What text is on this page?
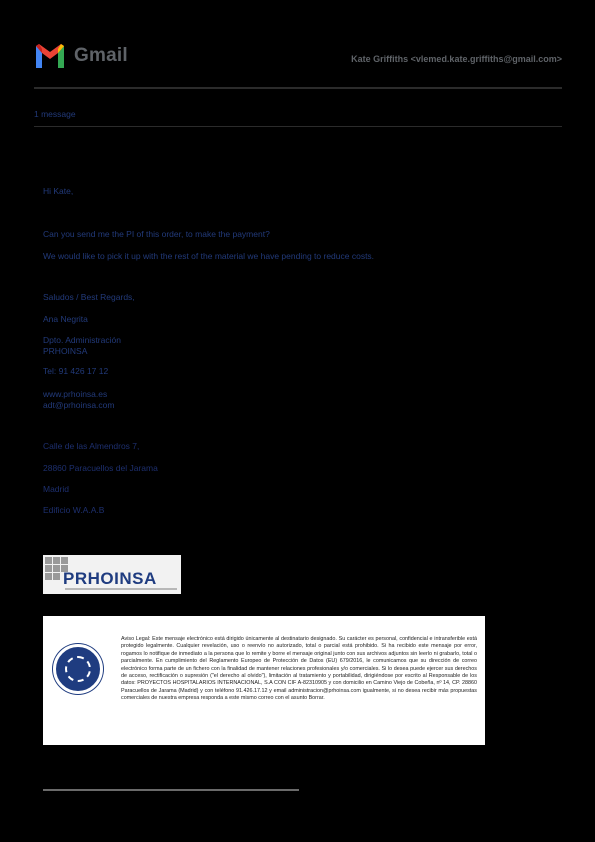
Gmail	Kate Griffiths <vlemed.kate.griffiths@gmail.com>
1 message
Hi Kate,
Can you send me the PI of this order, to make the payment?
We would like to pick it up with the rest of the material we have pending to reduce costs.
Saludos / Best Regards,
Ana Negrita
Dpto. Administración
PRHOINSA
Tel: 91 426 17 12
www.prhoinsa.es
adt@prhoinsa.com
Calle de las Almendros 7,
28860 Paracuellos del Jarama
Madrid
Edificio W.A.A.B
PRHOINSA
Aviso Legal: Este mensaje electrónico está dirigido únicamente al destinatario designado. Su carácter es personal, confidencial e intransferible está protegido legalmente. Cualquier revelación, uso o reenvío no autorizado, total o parcial está prohibido. Si ha recibido este mensaje por error, rogamos lo notifique de inmediato a la persona que lo remite y borre el mensaje original junto con sus archivos adjuntos sin leerlo ni grabarlo, total o parcialmente. En cumplimiento del Reglamento Europeo de Protección de Datos (EU) 679/2016, le comunicamos que su dirección de correo electrónico forma parte de un fichero con la finalidad de mantener relaciones profesionales y/o comerciales. Si lo desea puede ejercer sus derechos de acceso, rectificación o supresión ("el derecho al olvido"), limitación al tratamiento y portabilidad, dirigiéndose por escrito al Responsable de los datos: PROYECTOS HOSPITALARIOS INTERNACIONAL, S.A CON CIF A-82310905 y con domicilio en Camino Viejo de Cobeña, nº 14, CP. 28860 Paracuellos de Jarama (Madrid) y con teléfono 91.426.17.12 y email administracion@prhoinsa.com igualmente, si no desea recibir más propuestas comerciales de nuestra empresa responda a este mismo correo con el asunto Borrar.
